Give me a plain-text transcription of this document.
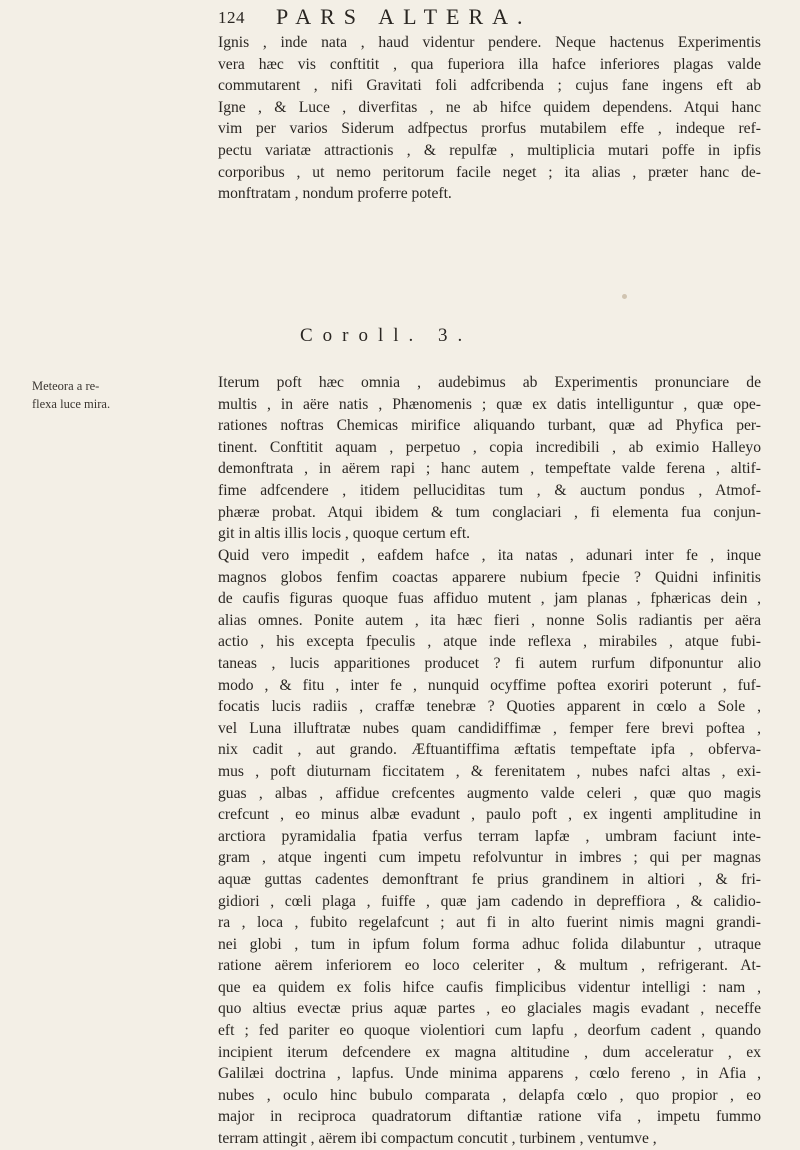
124 PARS ALTERA.
Ignis , inde nata , haud videntur pendere. Neque hactenus Experimentis
vera hæc vis conftitit , qua fuperiora illa hafce inferiores plagas valde
commutarent , nifi Gravitati foli adfcribenda ; cujus fane ingens eft ab
Igne , & Luce , diverfitas , ne ab hifce quidem dependens. Atqui hanc
vim per varios Siderum adfpectus prorfus mutabilem effe , indeque ref-
pectu variatæ attractionis , & repulfæ , multiplicia mutari poffe in ipfis
corporibus , ut nemo peritorum facile neget ; ita alias , præter hanc de-
monftratam , nondum proferre poteft.
Coroll. 3.
Meteora a re-
flexa luce mira.
Iterum poft hæc omnia , audebimus ab Experimentis pronunciare de
multis , in aëre natis , Phænomenis ; quæ ex datis intelliguntur , quæ ope-
rationes noftras Chemicas mirifice aliquando turbant, quæ ad Phyfica per-
tinent. Conftitit aquam , perpetuo , copia incredibili , ab eximio Halleyo
demonftrata , in aërem rapi ; hanc autem , tempeftate valde ferena , altif-
fime adfcendere , itidem pelluciditas tum , & auctum pondus , Atmof-
phæræ probat. Atqui ibidem & tum conglaciari , fi elementa fua conjun-
git in altis illis locis , quoque certum eft.
Quid vero impedit , eafdem hafce , ita natas , adunari inter fe , inque
magnos globos fenfim coactas apparere nubium fpecie ? Quidni infinitis
de caufis figuras quoque fuas affiduo mutent , jam planas , fphæricas dein ,
alias omnes. Ponite autem , ita hæc fieri , nonne Solis radiantis per aëra
actio , his excepta fpeculis , atque inde reflexa , mirabiles , atque fubi-
taneas , lucis apparitiones producet ? fi autem rurfum difponuntur alio
modo , & fitu , inter fe , nunquid ocyffime poftea exoriri poterunt , fuf-
focatis lucis radiis , craffæ tenebræ ? Quoties apparent in cœlo a Sole ,
vel Luna illuftratæ nubes quam candidiffimæ , femper fere brevi poftea ,
nix cadit , aut grando. Æftuantiffima æftatis tempeftate ipfa , obferva-
mus , poft diuturnam ficcitatem , & ferenitatem , nubes nafci altas , exi-
guas , albas , affidue crefcentes augmento valde celeri , quæ quo magis
crefcunt , eo minus albæ evadunt , paulo poft , ex ingenti amplitudine in
arctiora pyramidalia fpatia verfus terram lapfæ , umbram faciunt inte-
gram , atque ingenti cum impetu refolvuntur in imbres ; qui per magnas
aquæ guttas cadentes demonftrant fe prius grandinem in altiori , & fri-
gidiori , cœli plaga , fuiffe , quæ jam cadendo in depreffiora , & calidio-
ra , loca , fubito regelafcunt ; aut fi in alto fuerint nimis magni grandi-
nei globi , tum in ipfum folum forma adhuc folida dilabuntur , utraque
ratione aërem inferiorem eo loco celeriter , & multum , refrigerant. At-
que ea quidem ex folis hifce caufis fimplicibus videntur intelligi : nam ,
quo altius evectæ prius aquæ partes , eo glaciales magis evadant , neceffe
eft ; fed pariter eo quoque violentiori cum lapfu , deorfum cadent , quando
incipient iterum defcendere ex magna altitudine , dum acceleratur , ex
Galilæi doctrina , lapfus. Unde minima apparens , cœlo fereno , in Afia ,
nubes , oculo hinc bubulo comparata , delapfa cœlo , quo propior , eo
major in reciproca quadratorum diftantiæ ratione vifa , impetu fummo
terram attingit , aërem ibi compactum concutit , turbinem , ventumve ,
